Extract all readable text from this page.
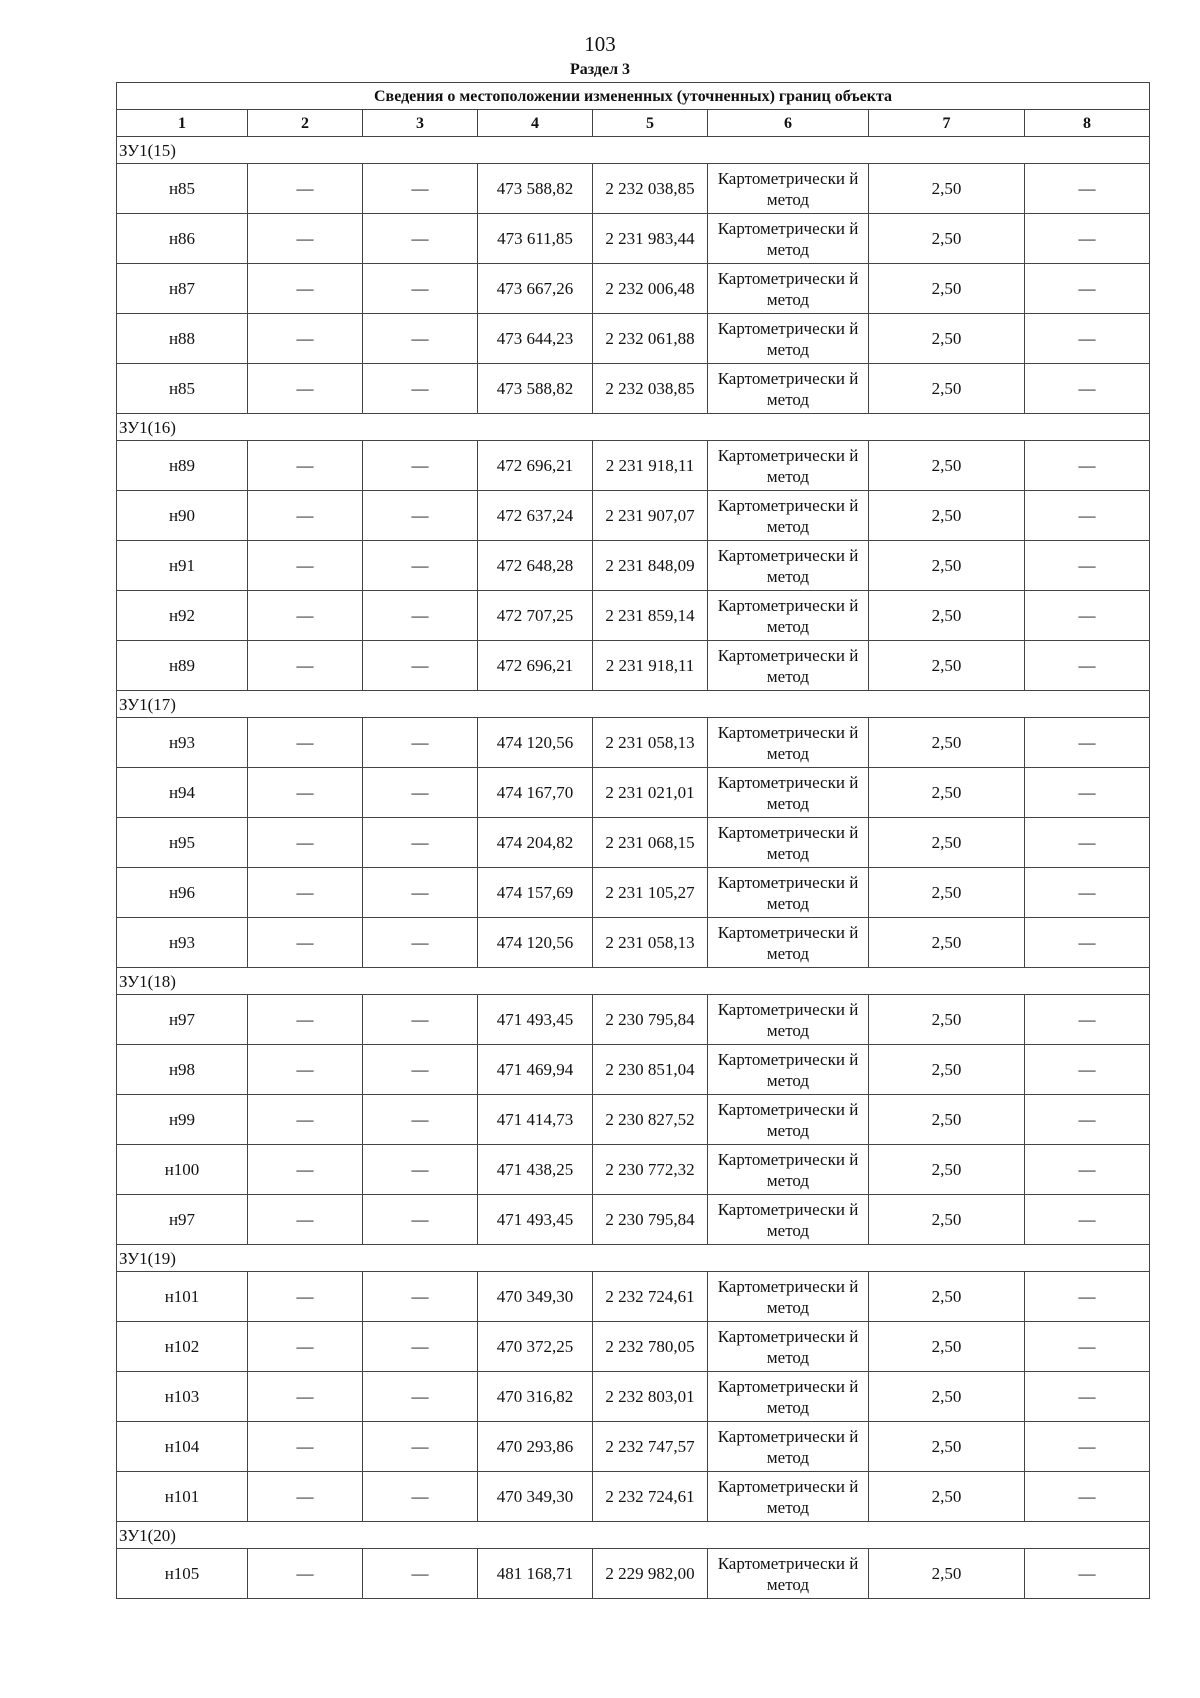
103
Раздел 3
Сведения о местоположении измененных (уточненных) границ объекта							
1	2	3	4	5	6	7	8
ЗУ1(15)							
н85	—	—	473 588,82	2 232 038,85	Картометрически й метод	2,50	—
н86	—	—	473 611,85	2 231 983,44	Картометрически й метод	2,50	—
н87	—	—	473 667,26	2 232 006,48	Картометрически й метод	2,50	—
н88	—	—	473 644,23	2 232 061,88	Картометрически й метод	2,50	—
н85	—	—	473 588,82	2 232 038,85	Картометрически й метод	2,50	—
ЗУ1(16)							
н89	—	—	472 696,21	2 231 918,11	Картометрически й метод	2,50	—
н90	—	—	472 637,24	2 231 907,07	Картометрически й метод	2,50	—
н91	—	—	472 648,28	2 231 848,09	Картометрически й метод	2,50	—
н92	—	—	472 707,25	2 231 859,14	Картометрически й метод	2,50	—
н89	—	—	472 696,21	2 231 918,11	Картометрически й метод	2,50	—
ЗУ1(17)							
н93	—	—	474 120,56	2 231 058,13	Картометрически й метод	2,50	—
н94	—	—	474 167,70	2 231 021,01	Картометрически й метод	2,50	—
н95	—	—	474 204,82	2 231 068,15	Картометрически й метод	2,50	—
н96	—	—	474 157,69	2 231 105,27	Картометрически й метод	2,50	—
н93	—	—	474 120,56	2 231 058,13	Картометрически й метод	2,50	—
ЗУ1(18)							
н97	—	—	471 493,45	2 230 795,84	Картометрически й метод	2,50	—
н98	—	—	471 469,94	2 230 851,04	Картометрически й метод	2,50	—
н99	—	—	471 414,73	2 230 827,52	Картометрически й метод	2,50	—
н100	—	—	471 438,25	2 230 772,32	Картометрически й метод	2,50	—
н97	—	—	471 493,45	2 230 795,84	Картометрически й метод	2,50	—
ЗУ1(19)							
н101	—	—	470 349,30	2 232 724,61	Картометрически й метод	2,50	—
н102	—	—	470 372,25	2 232 780,05	Картометрически й метод	2,50	—
н103	—	—	470 316,82	2 232 803,01	Картометрически й метод	2,50	—
н104	—	—	470 293,86	2 232 747,57	Картометрически й метод	2,50	—
н101	—	—	470 349,30	2 232 724,61	Картометрически й метод	2,50	—
ЗУ1(20)							
н105	—	—	481 168,71	2 229 982,00	Картометрически й метод	2,50	—
